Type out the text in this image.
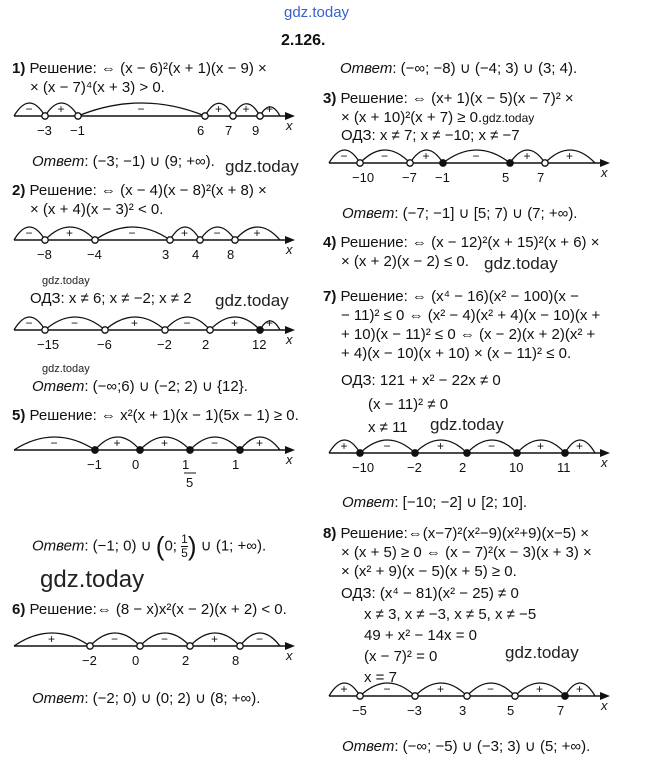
gdz.today
2.126.
1) Решение: ⇔ (x − 6)²(x + 1)(x − 9) ×
× (x − 7)⁴(x + 3) > 0.
x
− +	−	+ + +
−3 −1	6 7 9
2) Решение: ⇔ (x − 4)(x − 8)²(x + 8) ×
× (x + 4)(x − 3)² < 0.
x
−	+	−	+ −	+
−8	−4	3 4 8
ОДЗ: x ≠ 6; x ≠ −2; x ≠ 2
x
−	−	+	−	+ +
−15	−6	−2 2	12
Ответ: (−∞;6) ∪ (−2; 2) ∪ {12}.
5) Решение: ⇔ x²(x + 1)(x − 1)(5x − 1) ≥ 0.
x
−	+	+	−	+
−1 0	1	1
5
Ответ: (−1; 0) ∪ (0; $\frac{1}{5}$ ) ∪ (1; +∞).
gdz.today
6) Решение:⇔ (8 − x)x²(x − 2)(x + 2) < 0.
x
+	−	−	+	−
−2	0	2	8
Ответ: (−2; 0) ∪ (0; 2) ∪ (8; +∞).
Ответ: (−3; −1) ∪ (9; +∞). gdz.today
gdz.today
gdz.today
gdz.today
Ответ: (−∞; −8) ∪ (−4; 3) ∪ (3; 4).
3) Решение: ⇔ (x+ 1)(x − 5)(x − 7)² ×
× (x + 10)²(x + 7) ≥ 0.gdz.today
ОДЗ: x ≠ 7; x ≠ −10; x ≠ −7
x
−	−	+	−	+	+
−10 −7 −1	5 7
Ответ: (−7; −1] ∪ [5; 7) ∪ (7; +∞).
4) Решение: ⇔ (x − 12)²(x + 15)²(x + 6) ×
× (x + 2)(x − 2) ≤ 0. gdz.today
7) Решение: ⇔ (x⁴ − 16)(x² − 100)(x −
− 11)² ≤ 0 ⇔ (x² − 4)(x² + 4)(x − 10)(x +
+ 10)(x − 11)² ≤ 0 ⇔ (x − 2)(x + 2)(x² +
+ 4)(x − 10)(x + 10) × (x − 11)² ≤ 0.
ОДЗ: 121 + x² − 22x ≠ 0
(x − 11)² ≠ 0
x ≠ 11 gdz.today
x
+	−	+	−	+	+
−10	−2	2	10	11
Ответ: [−10; −2] ∪ [2; 10].
8) Решение:⇔(x−7)²(x²−9)(x²+9)(x−5) ×
× (x + 5) ≥ 0 ⇔ (x − 7)²(x − 3)(x + 3) ×
× (x² + 9)(x − 5)(x + 5) ≥ 0.
ОДЗ: (x⁴ − 81)(x² − 25) ≠ 0
x ≠ 3, x ≠ −3, x ≠ 5, x ≠ −5
49 + x² − 14x = 0
(x − 7)² = 0
x = 7
gdz.today
x
+	−	+	−	+	+
−5	−3	3	5	7
Ответ: (−∞; −5) ∪ (−3; 3) ∪ (5; +∞).
